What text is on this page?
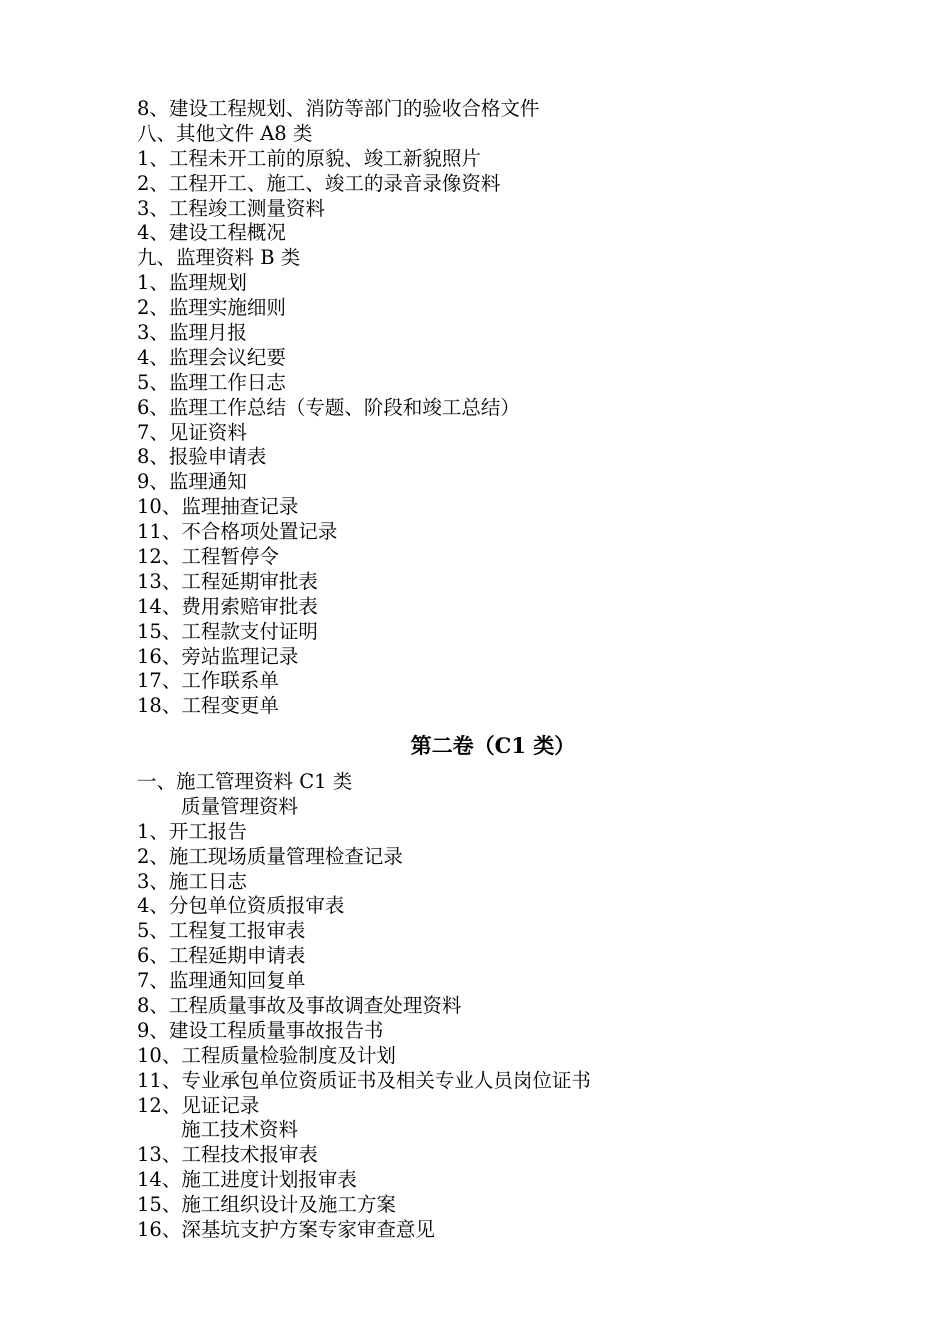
8、建设工程规划、消防等部门的验收合格文件
八、其他文件 A8 类
1、工程未开工前的原貌、竣工新貌照片
2、工程开工、施工、竣工的录音录像资料
3、工程竣工测量资料
4、建设工程概况
九、监理资料 B 类
1、监理规划
2、监理实施细则
3、监理月报
4、监理会议纪要
5、监理工作日志
6、监理工作总结（专题、阶段和竣工总结）
7、见证资料
8、报验申请表
9、监理通知
10、监理抽查记录
11、不合格项处置记录
12、工程暂停令
13、工程延期审批表
14、费用索赔审批表
15、工程款支付证明
16、旁站监理记录
17、工作联系单
18、工程变更单
第二卷（C1 类）
一、施工管理资料 C1 类
质量管理资料
1、开工报告
2、施工现场质量管理检查记录
3、施工日志
4、分包单位资质报审表
5、工程复工报审表
6、工程延期申请表
7、监理通知回复单
8、工程质量事故及事故调查处理资料
9、建设工程质量事故报告书
10、工程质量检验制度及计划
11、专业承包单位资质证书及相关专业人员岗位证书
12、见证记录
施工技术资料
13、工程技术报审表
14、施工进度计划报审表
15、施工组织设计及施工方案
16、深基坑支护方案专家审查意见
